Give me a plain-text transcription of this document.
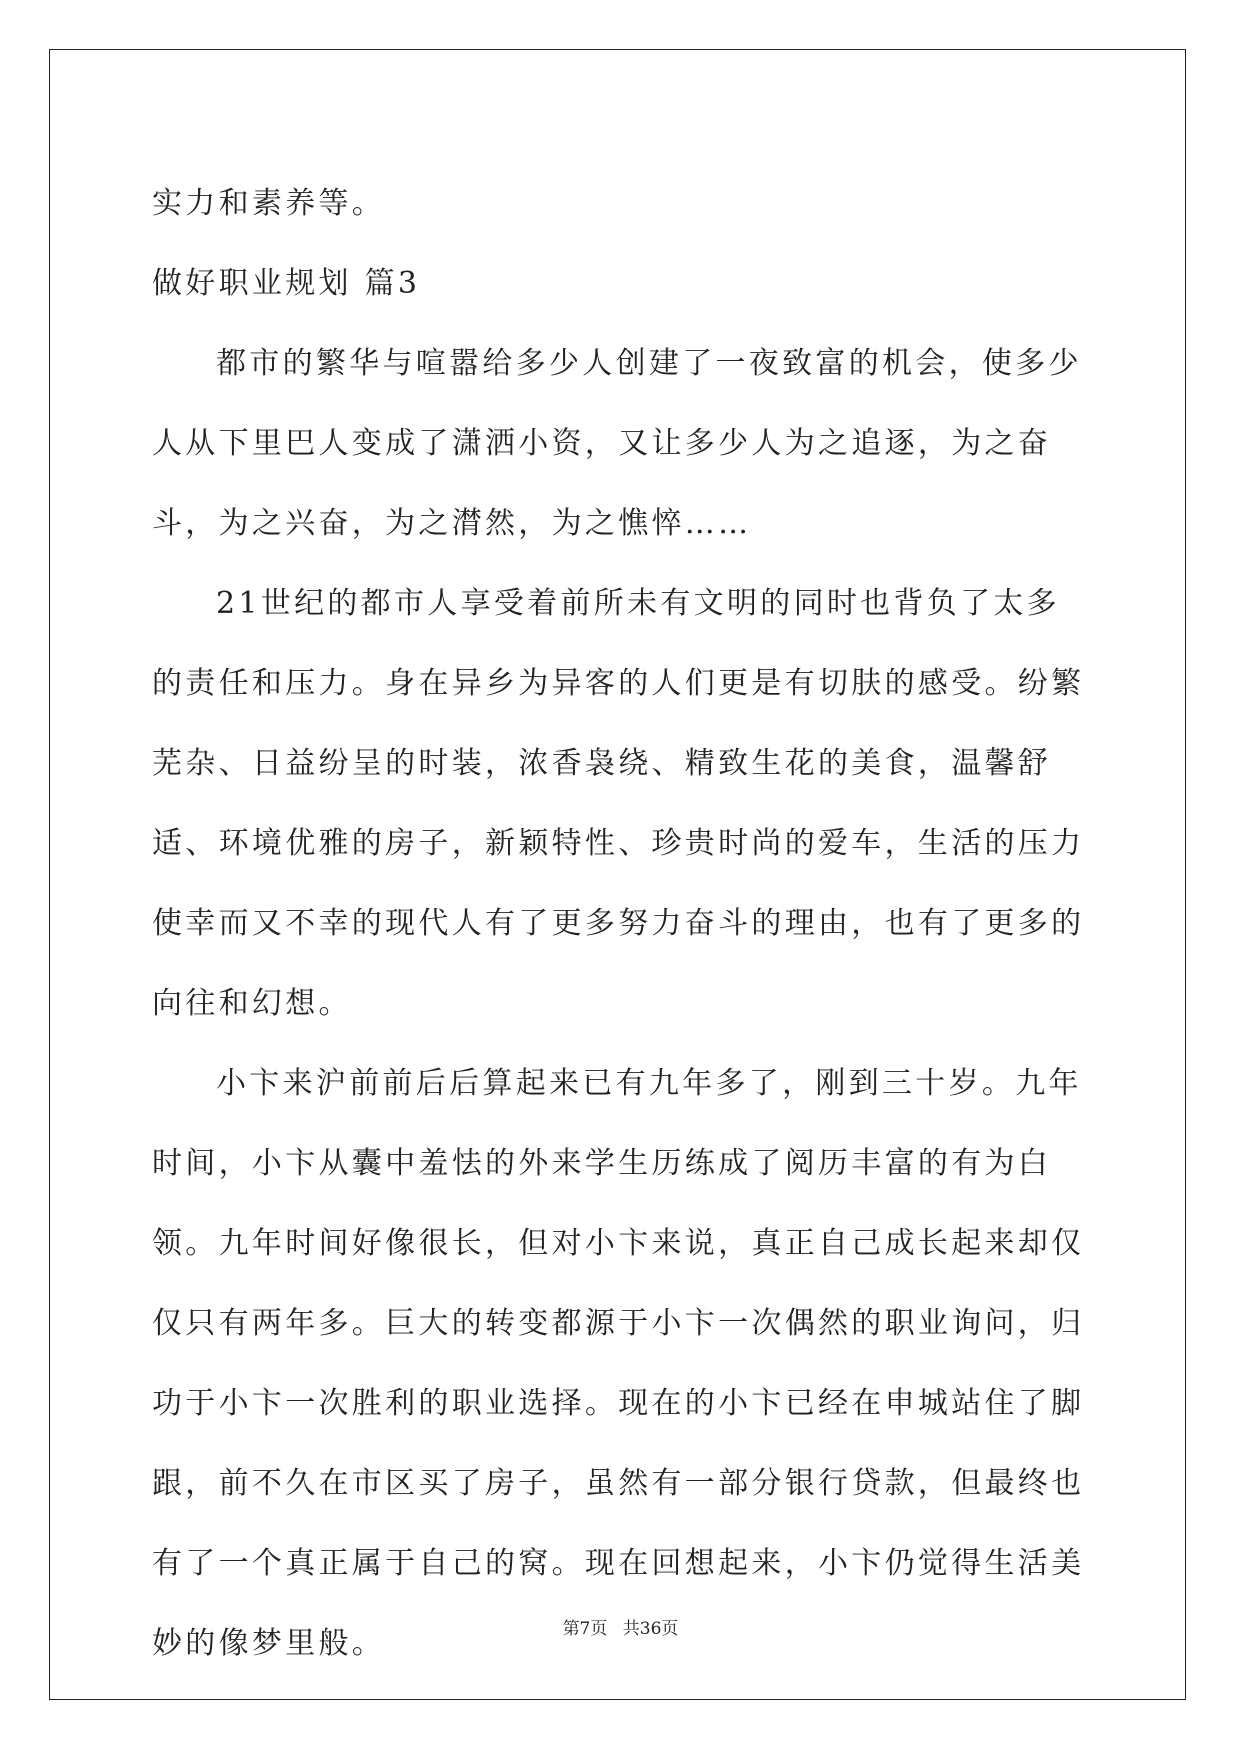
实力和素养等。

做好职业规划 篇3

都市的繁华与喧嚣给多少人创建了一夜致富的机会，使多少人从下里巴人变成了潇洒小资，又让多少人为之追逐，为之奋斗，为之兴奋，为之潸然，为之憔悴……

21世纪的都市人享受着前所未有文明的同时也背负了太多的责任和压力。身在异乡为异客的人们更是有切肤的感受。纷繁芜杂、日益纷呈的时装，浓香袅绕、精致生花的美食，温馨舒适、环境优雅的房子，新颖特性、珍贵时尚的爱车，生活的压力使幸而又不幸的现代人有了更多努力奋斗的理由，也有了更多的向往和幻想。

小卞来沪前前后后算起来已有九年多了，刚到三十岁。九年时间，小卞从囊中羞怯的外来学生历练成了阅历丰富的有为白领。九年时间好像很长，但对小卞来说，真正自己成长起来却仅仅只有两年多。巨大的转变都源于小卞一次偶然的职业询问，归功于小卞一次胜利的职业选择。现在的小卞已经在申城站住了脚跟，前不久在市区买了房子，虽然有一部分银行贷款，但最终也有了一个真正属于自己的窝。现在回想起来，小卞仍觉得生活美妙的像梦里般。	第7页 共36页
